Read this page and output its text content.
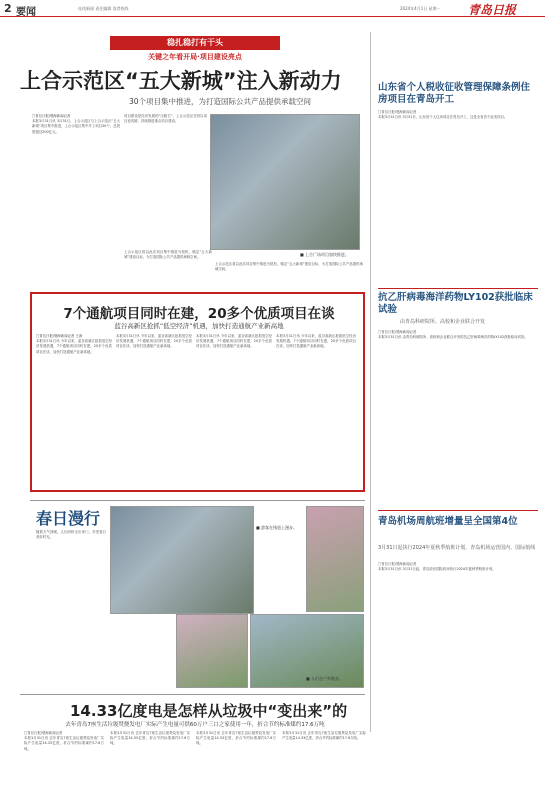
2 要闻	连线新闻 责任编辑 读者热线	2024年4月1日 星期一 青岛日报
稳扎稳打有干头
关键之年看开局·项目建设亮点
上合示范区“五大新城”注入新动力
30个项目集中推进，为打造国际公共产品提供承载空间
□青岛日报/观海新闻记者
本报3月31日讯 3月31日，上合示范区与上合示范区“五大新城”项目集中推进，上合示范区集中开工项目30个，总投资超过200亿元。
项目建设是经济发展的“压舱石”，上合示范区坚持以项目论英雄，持续推进重点项目建设。
■ 上合广场项目加快推进。
上合示范区将以此次项目集中推进为契机，锚定“五大新城”建设目标，为打造国际公共产品提供承载空间。
上合示范区将以此次项目集中推进为契机，锚定“五大新城”建设目标，为打造国际公共产品提供承载空间。
7个通航项目同时在建，20多个优质项目在谈
蓝谷高新区抢抓“低空经济”机遇，加快打造通航产业新高地
□青岛日报/观海新闻记者 王涛
本报3月31日讯 今年以来，蓝谷高新区抢抓低空经济发展机遇，7个通航项目同时在建，20多个优质项目在谈，加快打造通航产业新高地。
本报3月31日讯 今年以来，蓝谷高新区抢抓低空经济发展机遇，7个通航项目同时在建，20多个优质项目在谈，加快打造通航产业新高地。
本报3月31日讯 今年以来，蓝谷高新区抢抓低空经济发展机遇，7个通航项目同时在建，20多个优质项目在谈，加快打造通航产业新高地。
本报3月31日讯 今年以来，蓝谷高新区抢抓低空经济发展机遇，7个通航项目同时在建，20多个优质项目在谈，加快打造通航产业新高地。
山东省个人税收征收管理保障条例住房项目在青岛开工
□青岛日报/观海新闻记者
本报3月31日讯 3月31日，山东省个人住房项目在青岛开工，这是全省首个此类项目。
抗乙肝病毒海洋药物LY102获批临床试验
由青岛科研院所、高校和企业联合开发
□青岛日报/观海新闻记者
本报3月31日讯 由青岛科研院所、高校和企业联合开发的抗乙肝病毒海洋药物LY102获批临床试验。
青岛机场周航班增量呈全国第4位
3月31日起执行2024年夏秋季航班计划，青岛机场运营国内、国际航线
□青岛日报/观海新闻记者
本报3月31日讯 3月31日起，青岛胶东国际机场执行2024年夏秋季航班计划。
春日漫行
随着天气回暖，人们纷纷走出家门，享受春日美好时光。
■ 游客在栈道上漫步。
■ 人们在户外散步。
14.33亿度电是怎样从垃圾中“变出来”的
去年青岛7座生活垃圾焚烧发电厂实际产生电量可供60万户三口之家使用一年，折合节约标准煤约17.6万吨
□青岛日报/观海新闻记者
本报3月31日讯 去年青岛7座生活垃圾焚烧发电厂实际产生电量14.33亿度，折合节约标准煤约17.6万吨。
本报3月31日讯 去年青岛7座生活垃圾焚烧发电厂实际产生电量14.33亿度，折合节约标准煤约17.6万吨。
本报3月31日讯 去年青岛7座生活垃圾焚烧发电厂实际产生电量14.33亿度，折合节约标准煤约17.6万吨。
本报3月31日讯 去年青岛7座生活垃圾焚烧发电厂实际产生电量14.33亿度，折合节约标准煤约17.6万吨。
